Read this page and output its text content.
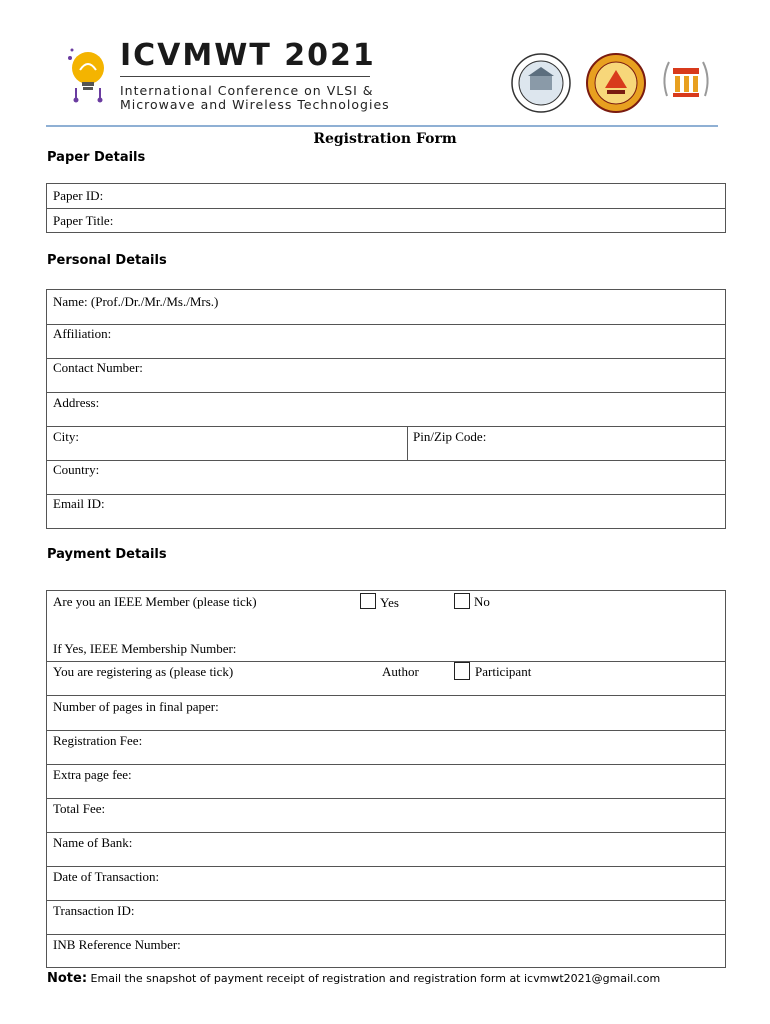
ICVMWT 2021
International Conference on VLSI &
Microwave and Wireless Technologies
Registration Form
Paper Details
Paper ID:
Paper Title:
Personal Details
Name: (Prof./Dr./Mr./Ms./Mrs.)
Affiliation:
Contact Number:
Address:
City:	Pin/Zip Code:
Country:
Email ID:
Payment Details
Are you an IEEE Member (please tick)	Yes	No
If Yes, IEEE Membership Number:
You are registering as (please tick)	Author	Participant
Number of pages in final paper:
Registration Fee:
Extra page fee:
Total Fee:
Name of Bank:
Date of Transaction:
Transaction ID:
INB Reference Number:
Note: Email the snapshot of payment receipt of registration and registration form at icvmwt2021@gmail.com
